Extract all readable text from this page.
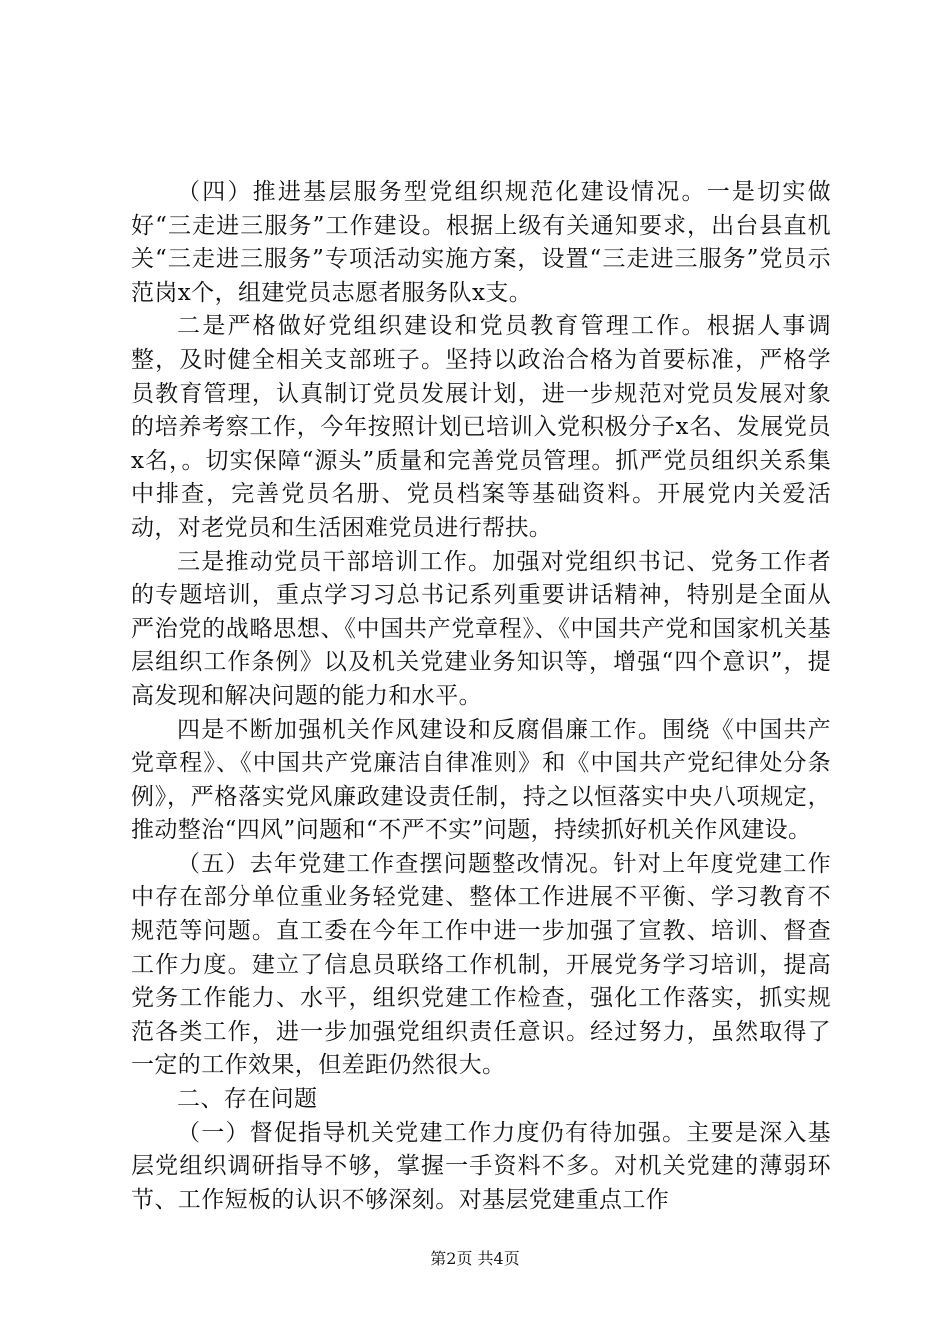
（四）推进基层服务型党组织规范化建设情况。一是切实做好“三走进三服务”工作建设。根据上级有关通知要求，出台县直机关“三走进三服务”专项活动实施方案，设置“三走进三服务”党员示范岗x个，组建党员志愿者服务队x支。

二是严格做好党组织建设和党员教育管理工作。根据人事调整，及时健全相关支部班子。坚持以政治合格为首要标准，严格学员教育管理，认真制订党员发展计划，进一步规范对党员发展对象的培养考察工作，今年按照计划已培训入党积极分子x名、发展党员x名，。切实保障“源头”质量和完善党员管理。抓严党员组织关系集中排查，完善党员名册、党员档案等基础资料。开展党内关爱活动，对老党员和生活困难党员进行帮扶。

三是推动党员干部培训工作。加强对党组织书记、党务工作者的专题培训，重点学习习总书记系列重要讲话精神，特别是全面从严治党的战略思想、《中国共产党章程》、《中国共产党和国家机关基层组织工作条例》以及机关党建业务知识等，增强“四个意识”，提高发现和解决问题的能力和水平。

四是不断加强机关作风建设和反腐倡廉工作。围绕《中国共产党章程》、《中国共产党廉洁自律准则》和《中国共产党纪律处分条例》，严格落实党风廉政建设责任制，持之以恒落实中央八项规定，推动整治“四风”问题和“不严不实”问题，持续抓好机关作风建设。

（五）去年党建工作查摆问题整改情况。针对上年度党建工作中存在部分单位重业务轻党建、整体工作进展不平衡、学习教育不规范等问题。直工委在今年工作中进一步加强了宣教、培训、督查工作力度。建立了信息员联络工作机制，开展党务学习培训，提高党务工作能力、水平，组织党建工作检查，强化工作落实，抓实规范各类工作，进一步加强党组织责任意识。经过努力，虽然取得了一定的工作效果，但差距仍然很大。

二、存在问题

（一）督促指导机关党建工作力度仍有待加强。主要是深入基层党组织调研指导不够，掌握一手资料不多。对机关党建的薄弱环节、工作短板的认识不够深刻。对基层党建重点工作

第2页 共4页
